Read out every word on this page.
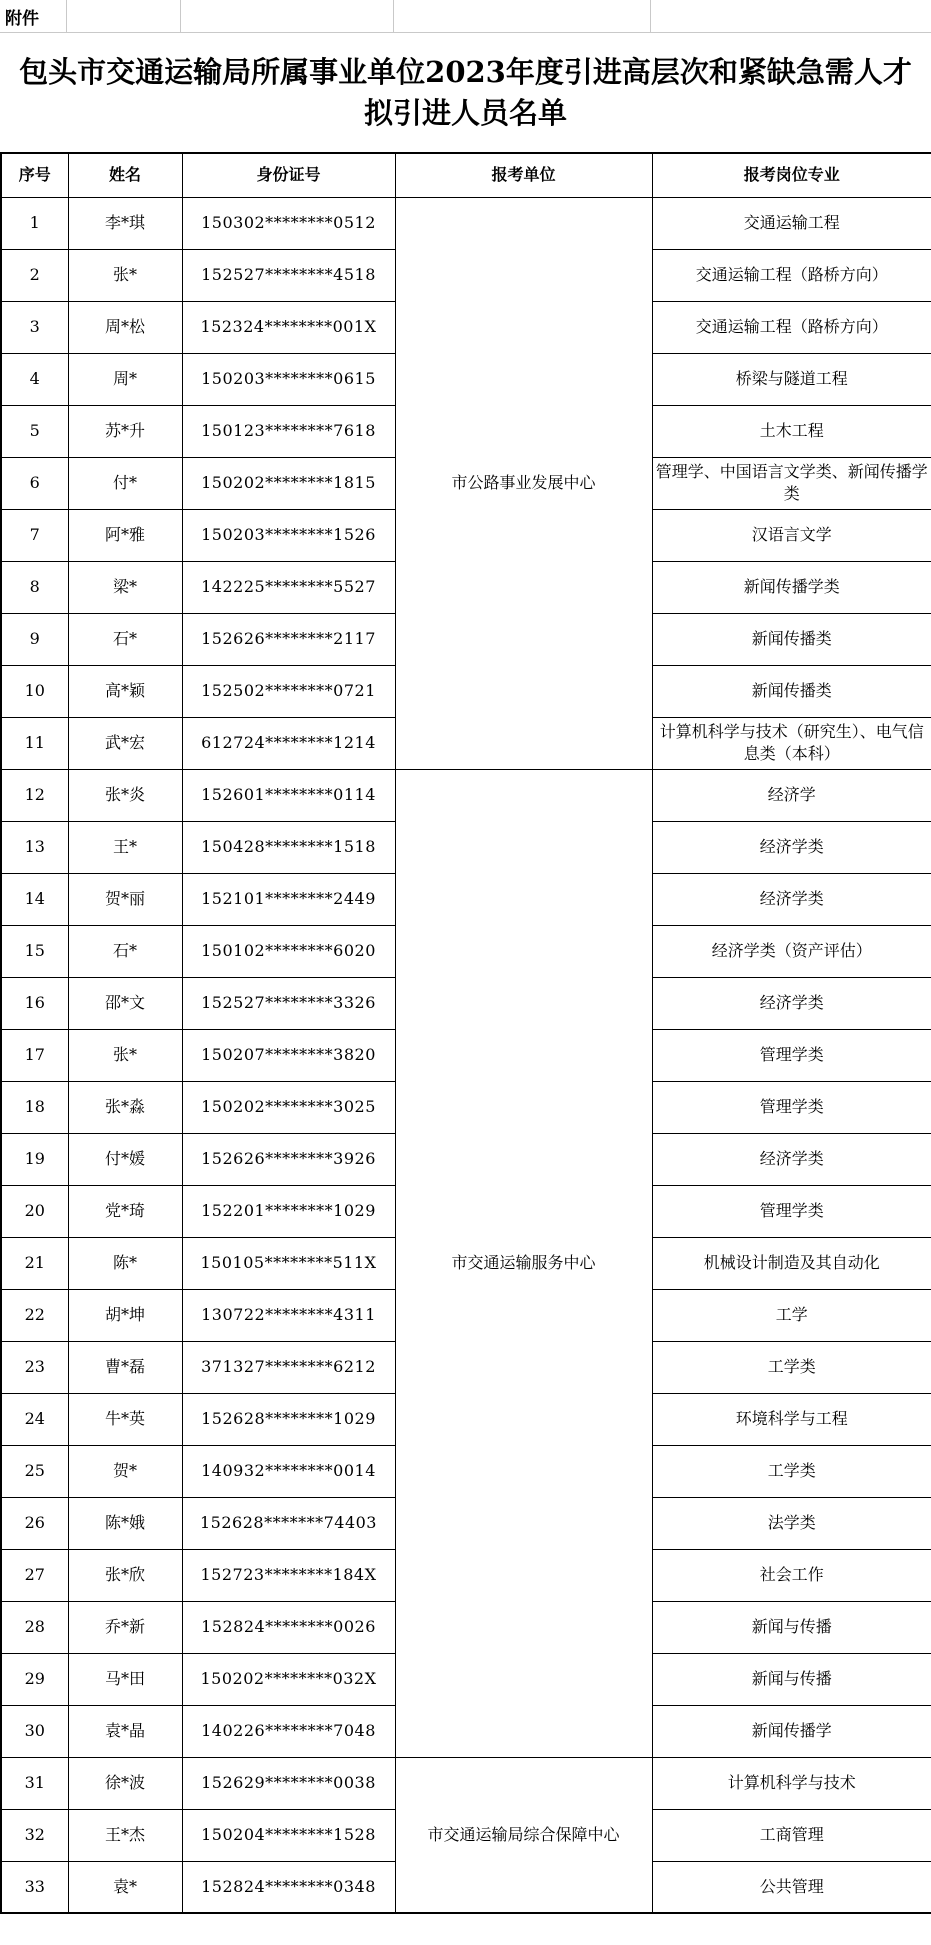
附件
包头市交通运输局所属事业单位2023年度引进高层次和紧缺急需人才
拟引进人员名单
序号	姓名	身份证号	报考单位	报考岗位专业
1	李*琪	150302********0512	市公路事业发展中心	交通运输工程
2	张*	152527********4518		交通运输工程（路桥方向）
3	周*松	152324********001X		交通运输工程（路桥方向）
4	周*	150203********0615		桥梁与隧道工程
5	苏*升	150123********7618		土木工程
6	付*	150202********1815		管理学、中国语言文学类、新闻传播学类
7	阿*雅	150203********1526		汉语言文学
8	梁*	142225********5527		新闻传播学类
9	石*	152626********2117		新闻传播类
10	高*颖	152502********0721		新闻传播类
11	武*宏	612724********1214		计算机科学与技术（研究生）、电气信息类（本科）
12	张*炎	152601********0114	市交通运输服务中心	经济学
13	王*	150428********1518		经济学类
14	贺*丽	152101********2449		经济学类
15	石*	150102********6020		经济学类（资产评估）
16	邵*文	152527********3326		经济学类
17	张*	150207********3820		管理学类
18	张*淼	150202********3025		管理学类
19	付*媛	152626********3926		经济学类
20	党*琦	152201********1029		管理学类
21	陈*	150105********511X		机械设计制造及其自动化
22	胡*坤	130722********4311		工学
23	曹*磊	371327********6212		工学类
24	牛*英	152628********1029		环境科学与工程
25	贺*	140932********0014		工学类
26	陈*娥	152628*******74403		法学类
27	张*欣	152723********184X		社会工作
28	乔*新	152824********0026		新闻与传播
29	马*田	150202********032X		新闻与传播
30	袁*晶	140226********7048		新闻传播学
31	徐*波	152629********0038	市交通运输局综合保障中心	计算机科学与技术
32	王*杰	150204********1528		工商管理
33	袁*	152824********0348		公共管理
